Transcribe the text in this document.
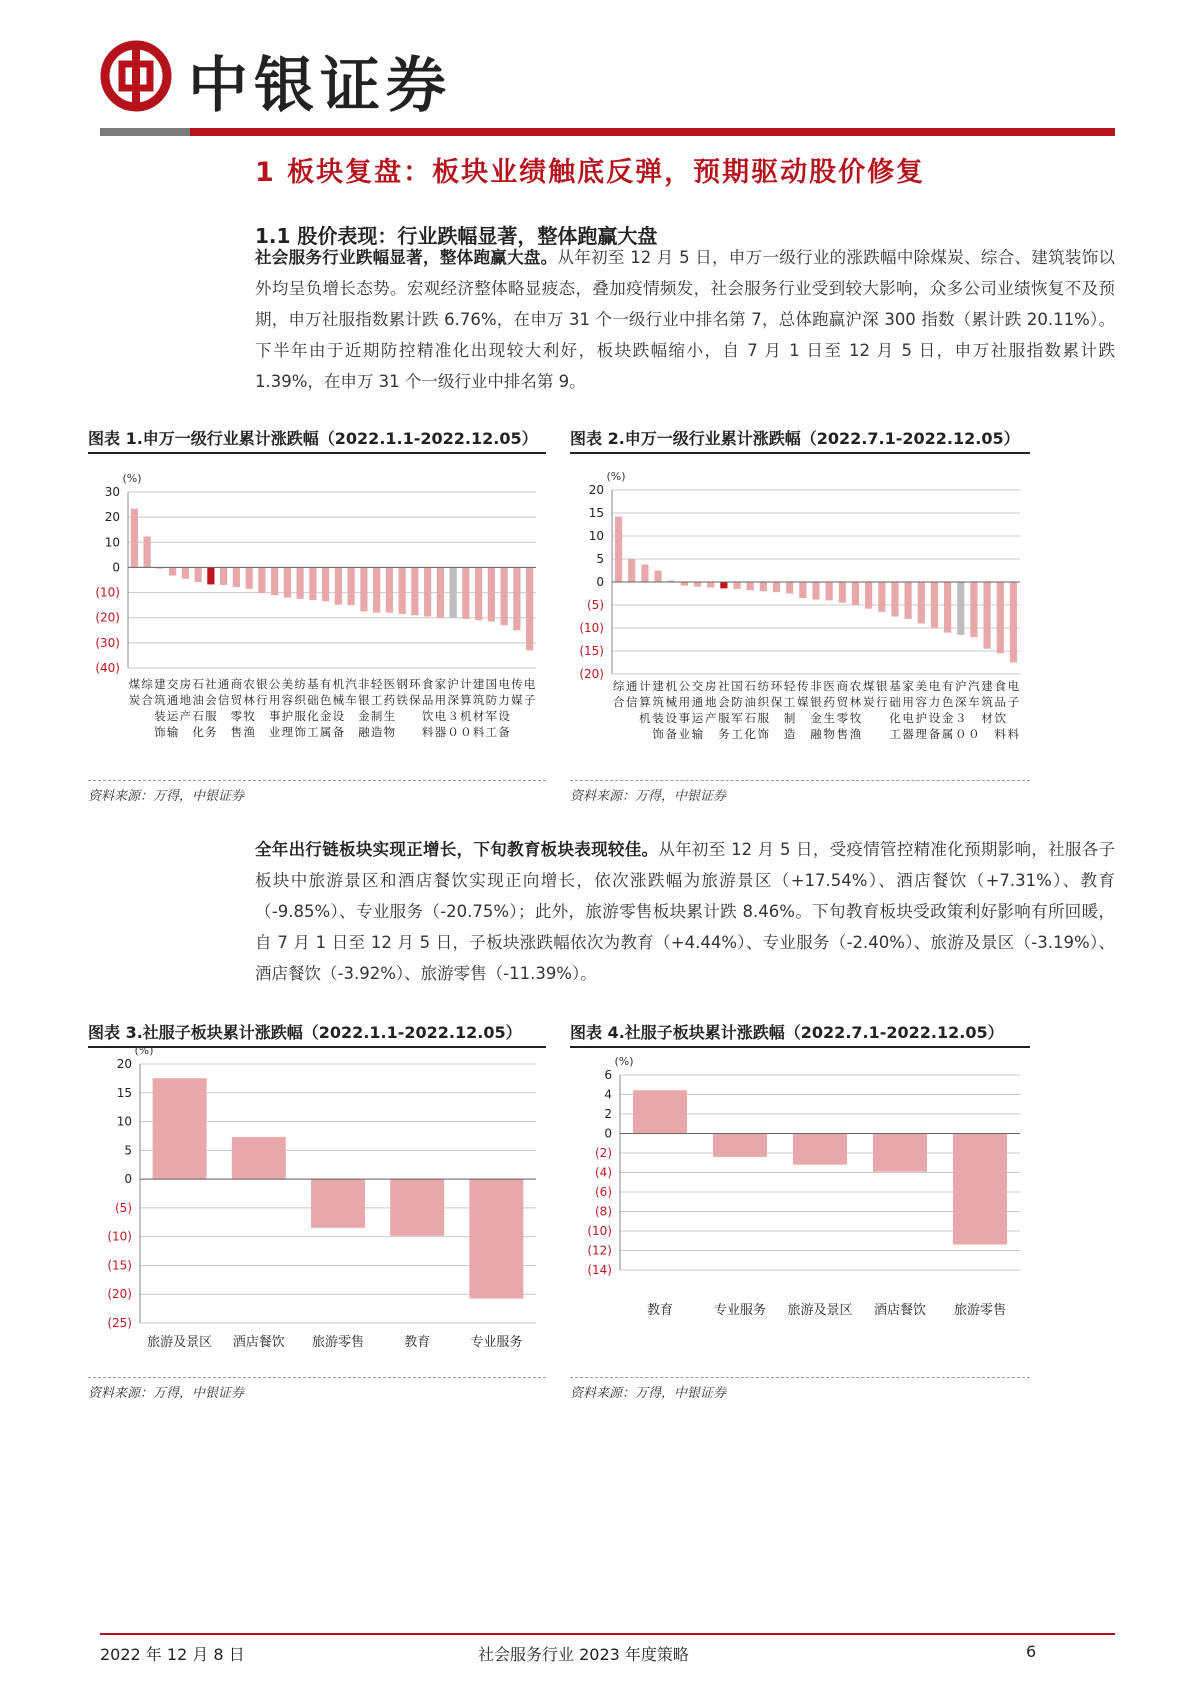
中银证券
1 板块复盘：板块业绩触底反弹，预期驱动股价修复
1.1 股价表现：行业跌幅显著，整体跑赢大盘
社会服务行业跌幅显著，整体跑赢大盘。从年初至 12 月 5 日，申万一级行业的涨跌幅中除煤炭、综合、建筑装饰以外均呈负增长态势。宏观经济整体略显疲态，叠加疫情频发，社会服务行业受到较大影响，众多公司业绩恢复不及预期，申万社服指数累计跌 6.76%，在申万 31 个一级行业中排名第 7，总体跑赢沪深 300 指数（累计跌 20.11%）。下半年由于近期防控精准化出现较大利好，板块跌幅缩小，自 7 月 1 日至 12 月 5 日，申万社服指数累计跌 1.39%，在申万 31 个一级行业中排名第 9。
图表 1.申万一级行业累计涨跌幅（2022.1.1-2022.12.05） 图表 2.申万一级行业累计涨跌幅（2022.7.1-2022.12.05）
(%)
30
20
10
0
(10)
(20)
(30)
(40)
煤 综 建 交 房 石 社 通 商 农 银 公 美 纺 基 有 机 汽 非 轻 医 钢 环 食 家 沪 计 建 国 电 传 电
炭 合 筑 通 地 油 会 信 贸 林 行 用 容 织 础 色 械 车 银 工 药 铁 保 品 用 深 算 筑 防 力 媒 子
装 运 产 石 服 零 牧 事 护 服 化 金 设 金 制 生 饮 电 ３ 机 材 军 设
饰 输 化 务 售 渔 业 理 饰 工 属 备 融 造 物 料 器 ０ ０ 料 工 备
(%)
20
15
10
5
0
(5)
(10)
(15)
(20)
综 通 计 建 机 公 交 房 社 国 石 纺 环 轻 传 非 医 商 农 煤 银 基 家 美 电 有 沪 汽 建 食 电
合 信 算 筑 械 用 通 地 会 防 油 织 保 工 媒 银 药 贸 林 炭 行 础 用 容 力 色 深 车 筑 品 子
机 装 设 事 运 产 服 军 石 服 制 金 生 零 牧 化 电 护 设 金 ３ 材 饮
饰 备 业 输 务 工 化 饰 造 融 物 售 渔 工 器 理 备 属 ０ ０ 料 料
资料来源：万得，中银证券	资料来源：万得，中银证券
全年出行链板块实现正增长，下旬教育板块表现较佳。从年初至 12 月 5 日，受疫情管控精准化预期影响，社服各子板块中旅游景区和酒店餐饮实现正向增长，依次涨跌幅为旅游景区（+17.54%）、酒店餐饮（+7.31%）、教育（-9.85%）、专业服务（-20.75%）；此外，旅游零售板块累计跌 8.46%。下旬教育板块受政策利好影响有所回暖，自 7 月 1 日至 12 月 5 日，子板块涨跌幅依次为教育（+4.44%）、专业服务（-2.40%）、旅游及景区（-3.19%）、酒店餐饮（-3.92%）、旅游零售（-11.39%）。
图表 3.社服子板块累计涨跌幅（2022.1.1-2022.12.05）	图表 4.社服子板块累计涨跌幅（2022.7.1-2022.12.05）
(%)
20
15
10
5
0
(5)
(10)
(15)
(20)
(25)
旅游及景区 酒店餐饮 旅游零售	教育	专业服务
(%)
6
4
2
0
(2)
(4)
(6)
(8)
(10)
(12)
(14)
教育	专业服务 旅游及景区 酒店餐饮 旅游零售
资料来源：万得，中银证券	资料来源：万得，中银证券
2022 年 12 月 8 日	社会服务行业 2023 年度策略	6
